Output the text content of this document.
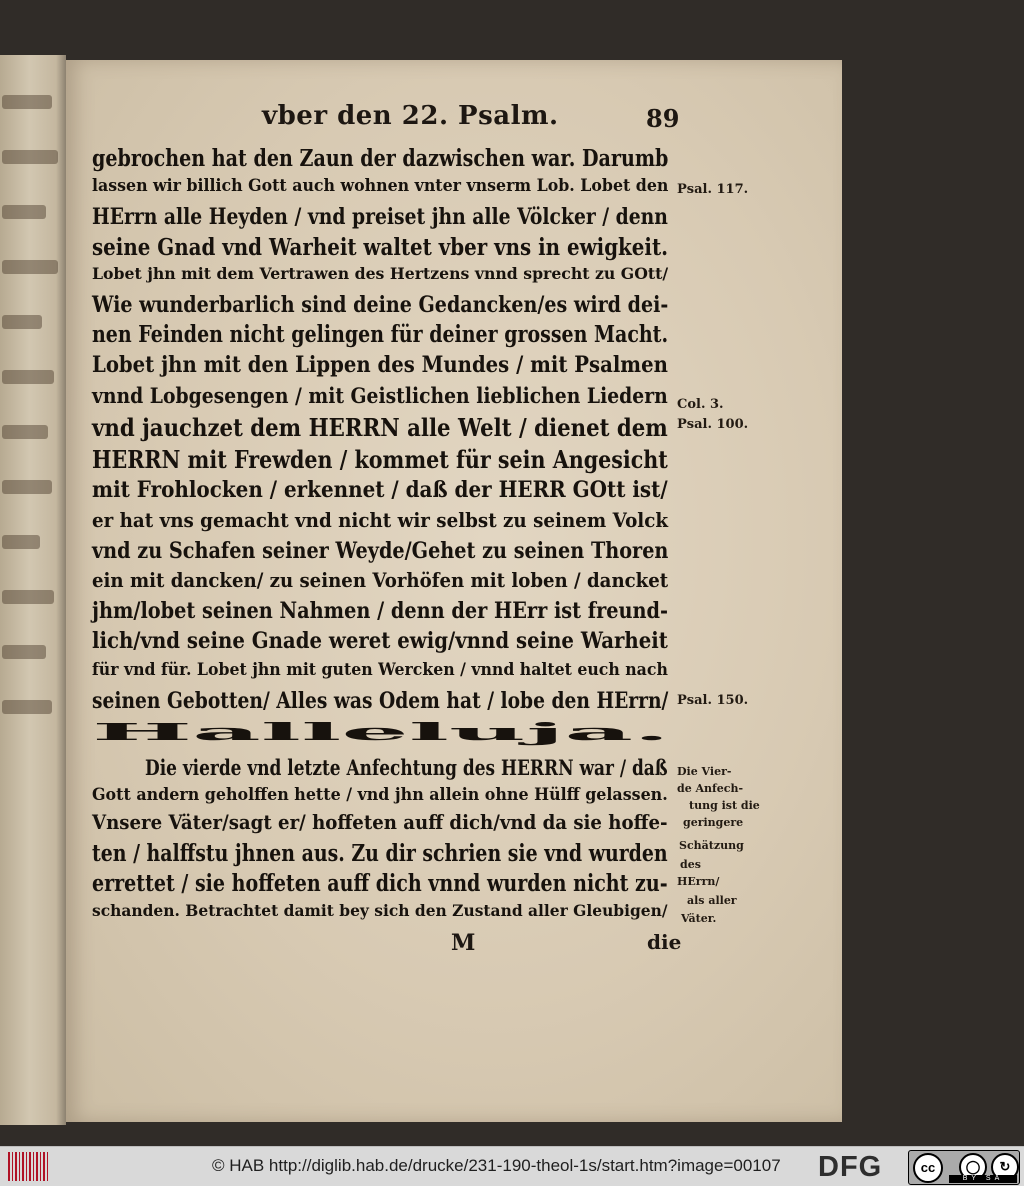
vber den 22. Psalm.	89
gebrochen hat den Zaun der dazwischen war. Darumb
lassen wir billich Gott auch wohnen vnter vnserm Lob. Lobet den
HErrn alle Heyden / vnd preiset jhn alle Völcker / denn
seine Gnad vnd Warheit waltet vber vns in ewigkeit.
Lobet jhn mit dem Vertrawen des Hertzens vnnd sprecht zu GOtt/
Wie wunderbarlich sind deine Gedancken/es wird dei-
nen Feinden nicht gelingen für deiner grossen Macht.
Lobet jhn mit den Lippen des Mundes / mit Psalmen
vnnd Lobgesengen / mit Geistlichen lieblichen Liedern
vnd jauchzet dem HERRN alle Welt / dienet dem
HERRN mit Frewden / kommet für sein Angesicht
mit Frohlocken / erkennet / daß der HERR GOtt ist/
er hat vns gemacht vnd nicht wir selbst zu seinem Volck
vnd zu Schafen seiner Weyde/Gehet zu seinen Thoren
ein mit dancken/ zu seinen Vorhöfen mit loben / dancket
jhm/lobet seinen Nahmen / denn der HErr ist freund-
lich/vnd seine Gnade weret ewig/vnnd seine Warheit
für vnd für. Lobet jhn mit guten Wercken / vnnd haltet euch nach
seinen Gebotten/ Alles was Odem hat / lobe den HErrn/
Halleluja.
Die vierde vnd letzte Anfechtung des HERRN war / daß
Gott andern geholffen hette / vnd jhn allein ohne Hülff gelassen.
Vnsere Väter/sagt er/ hoffeten auff dich/vnd da sie hoffe-
ten / halffstu jhnen aus. Zu dir schrien sie vnd wurden
errettet / sie hoffeten auff dich vnnd wurden nicht zu-
schanden. Betrachtet damit bey sich den Zustand aller Gleubigen/
M	die
Psal. 117.
Col. 3.
Psal. 100.
Psal. 150.
Die Vier-
de Anfech-
tung ist die
geringere
Schätzung
des
HErrn/
als aller
Väter.
© HAB http://diglib.hab.de/drucke/231-190-theol-1s/start.htm?image=00107 DFG	cc	◯	↻
BY SA
